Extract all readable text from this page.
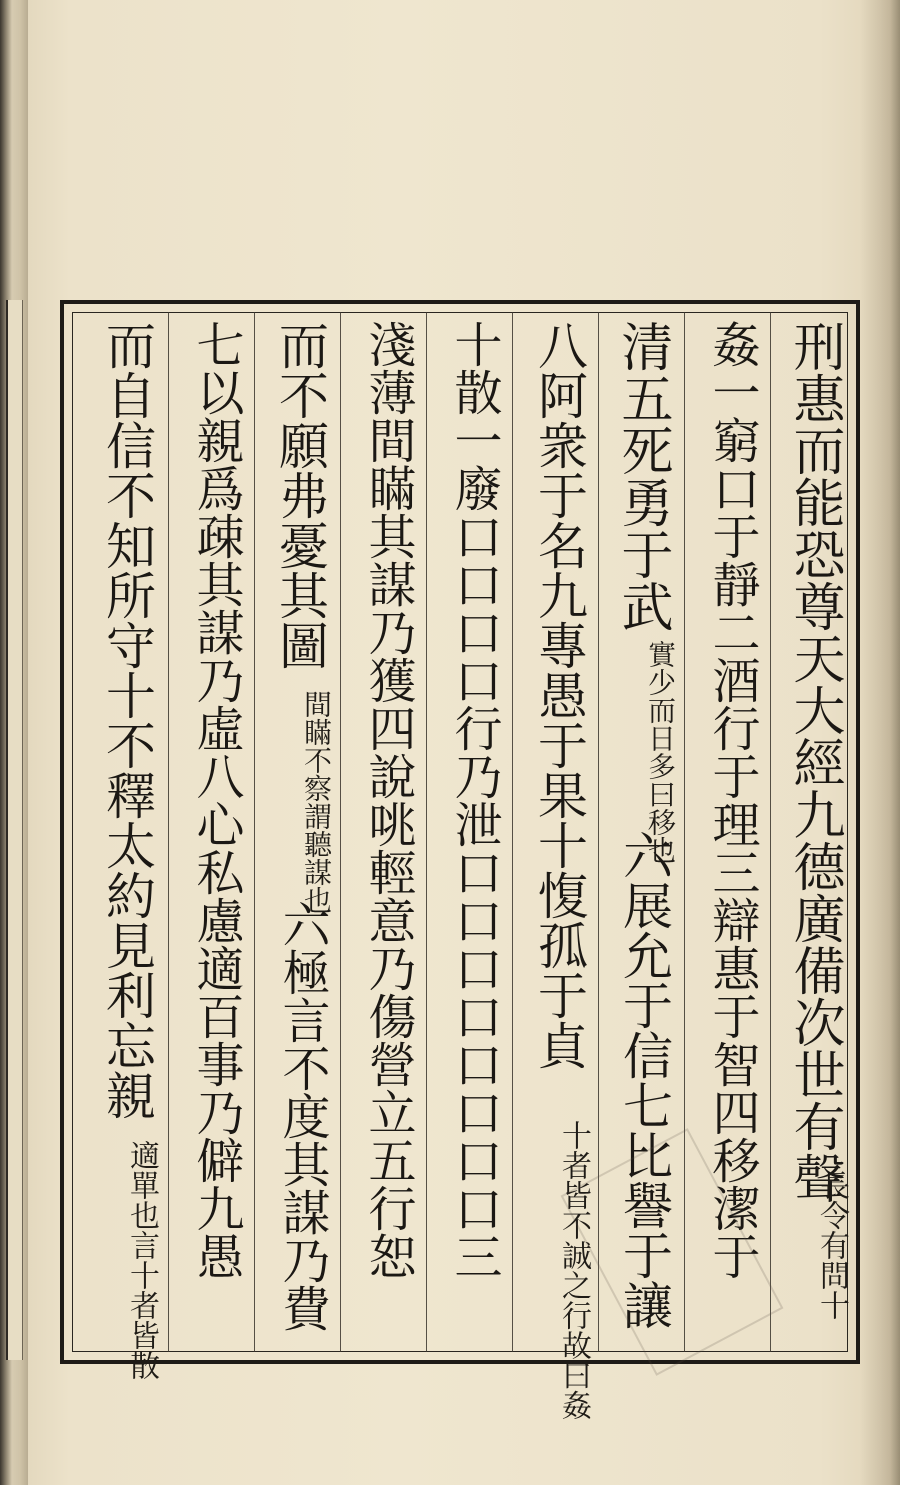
刑惠而能恐尊天大經九德廣備次世有聲
長令有問十
姦一窮口于靜二酒行于理三辯惠于智四移潔于
清五死勇于武
實少而日多曰移也
六展允于信七比譽于讓
八阿衆于名九專愚于果十愎孤于貞
十者皆不誠之行故曰姦
十散一廢口口口口行乃泄口口口口口口口口三
淺薄間瞞其謀乃獲四說咷輕意乃傷營立五行恕
而不願弗憂其圖
間瞞不察謂聽謀也
六極言不度其謀乃費
七以親爲疎其謀乃虛八心私慮適百事乃僻九愚
而自信不知所守十不釋太約見利忘親
適單也言十者皆散
